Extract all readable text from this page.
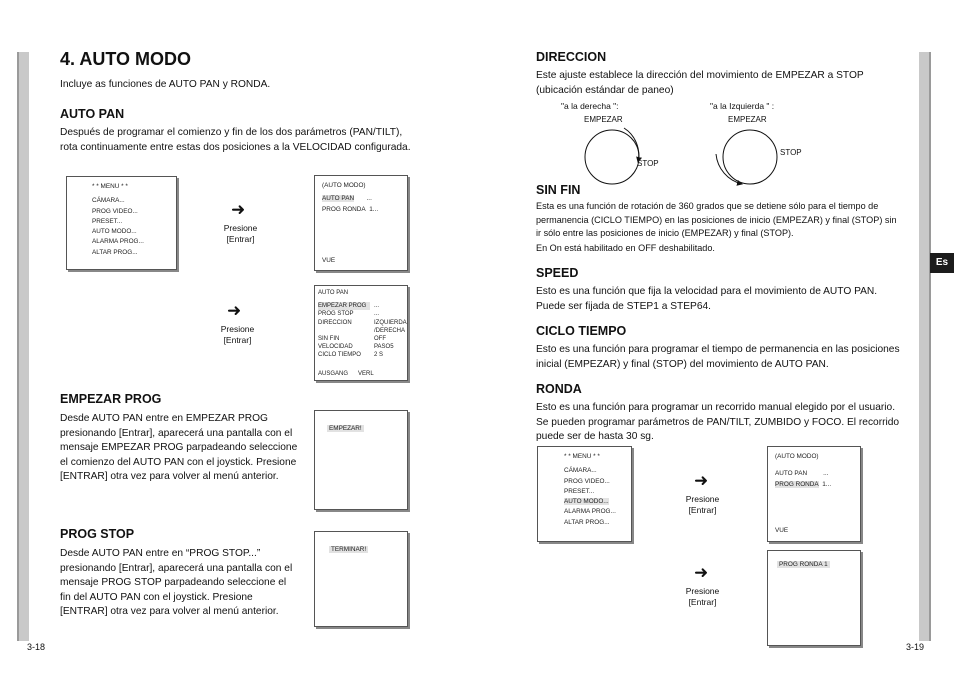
Es
4. AUTO MODO
Incluye as funciones de AUTO PAN y RONDA.
AUTO PAN
Después de programar el comienzo y fin de los dos parámetros (PAN/TILT), rota continuamente entre estas dos posiciones a la VELOCIDAD configurada.
* * MENU * *
CÁMARA...
PROG VIDEO...
PRESET...
AUTO MODO...
ALARMA PROG...
ALTAR PROG...
➜
Presione
[Entrar]
(AUTO MODO)
AUTO PAN ...
PROG RONDA 1...
VUE
➜
Presione
[Entrar]
AUTO PAN
EMPEZAR PROG	...
PROG STOP	...
DIRECCION	IZQUIERDA /DERECHA
SIN FIN	OFF
VELOCIDAD	PASO5
CICLO TIEMPO	2 S
AUSGANG VERL
EMPEZAR PROG
Desde AUTO PAN entre en EMPEZAR PROG presionando [Entrar], aparecerá una pantalla con el mensaje EMPEZAR PROG parpadeando seleccione el comienzo del AUTO PAN con el joystick. Presione [ENTRAR] otra vez para volver al menú anterior.
EMPEZAR!
PROG STOP
Desde AUTO PAN entre en “PROG STOP...” presionando [Entrar], aparecerá una pantalla con el mensaje PROG STOP parpadeando seleccione el fin del AUTO PAN con el joystick. Presione [ENTRAR] otra vez para volver al menú anterior.
TERMINAR!
3-18
DIRECCION
Este ajuste establece la dirección del movimiento de EMPEZAR a STOP (ubicación estándar de paneo)
"a la derecha ":	"a la Izquierda " :
EMPEZAR	EMPEZAR
STOP
STOP
SIN FIN
Esta es una función de rotación de 360 grados que se detiene sólo para el tiempo de permanencia (CICLO TIEMPO) en las posiciones de inicio (EMPEZAR) y final (STOP) sin ir sólo entre las posiciones de inicio (EMPEZAR) y final (STOP).
En On está habilitado en OFF deshabilitado.
SPEED
Esto es una función que fija la velocidad para el movimiento de AUTO PAN. Puede ser fijada de STEP1 a STEP64.
CICLO TIEMPO
Esto es una función para programar el tiempo de permanencia en las posiciones inicial (EMPEZAR) y final (STOP) del movimiento de AUTO PAN.
RONDA
Esto es una función para programar un recorrido manual elegido por el usuario. Se pueden programar parámetros de PAN/TILT, ZUMBIDO y FOCO. El recorrido puede ser de hasta 30 sg.
* * MENU * *
CÁMARA...
PROG VIDEO...
PRESET...
AUTO MODO...
ALARMA PROG...
ALTAR PROG...
➜
Presione
[Entrar]
(AUTO MODO)
AUTO PAN ...
PROG RONDA 1...
VUE
➜
Presione
[Entrar]
PROG RONDA 1
3-19
